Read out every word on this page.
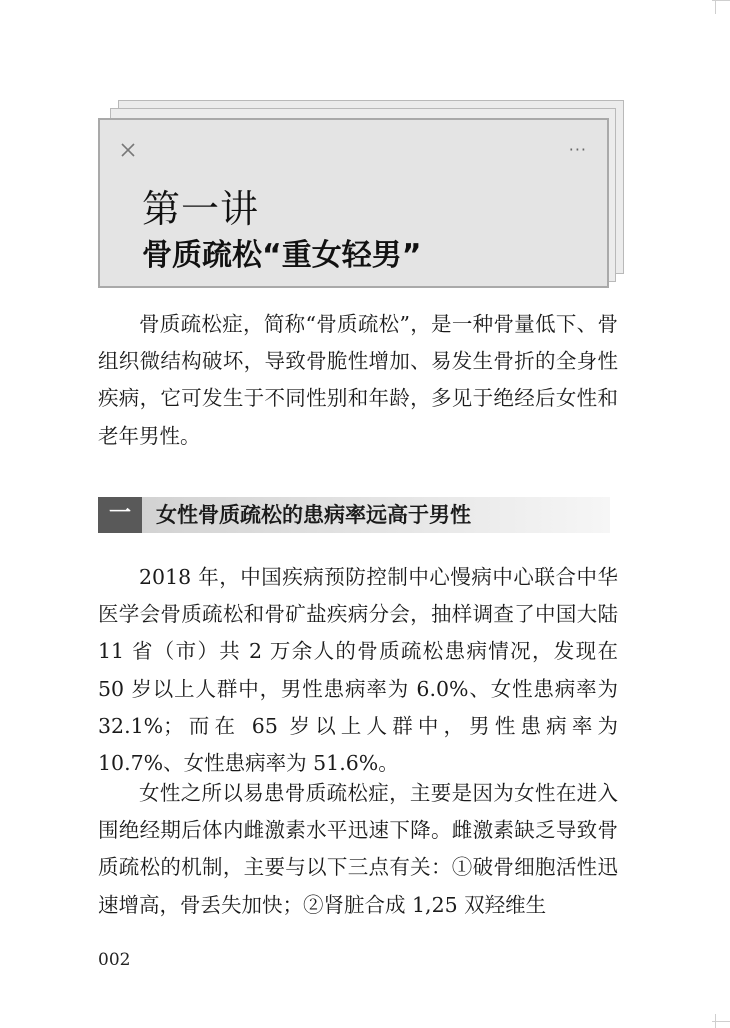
···
第一讲
骨质疏松“重女轻男”

骨质疏松症，简称“骨质疏松”，是一种骨量低下、骨组织微结构破坏，导致骨脆性增加、易发生骨折的全身性疾病，它可发生于不同性别和年龄，多见于绝经后女性和老年男性。

一	女性骨质疏松的患病率远高于男性

2018 年，中国疾病预防控制中心慢病中心联合中华医学会骨质疏松和骨矿盐疾病分会，抽样调查了中国大陆 11 省（市）共 2 万余人的骨质疏松患病情况，发现在 50 岁以上人群中，男性患病率为 6.0%、女性患病率为 32.1%；而在 65 岁以上人群中，男性患病率为 10.7%、女性患病率为 51.6%。

女性之所以易患骨质疏松症，主要是因为女性在进入围绝经期后体内雌激素水平迅速下降。雌激素缺乏导致骨质疏松的机制，主要与以下三点有关：①破骨细胞活性迅速增高，骨丢失加快；②肾脏合成 1,25 双羟维生

002
